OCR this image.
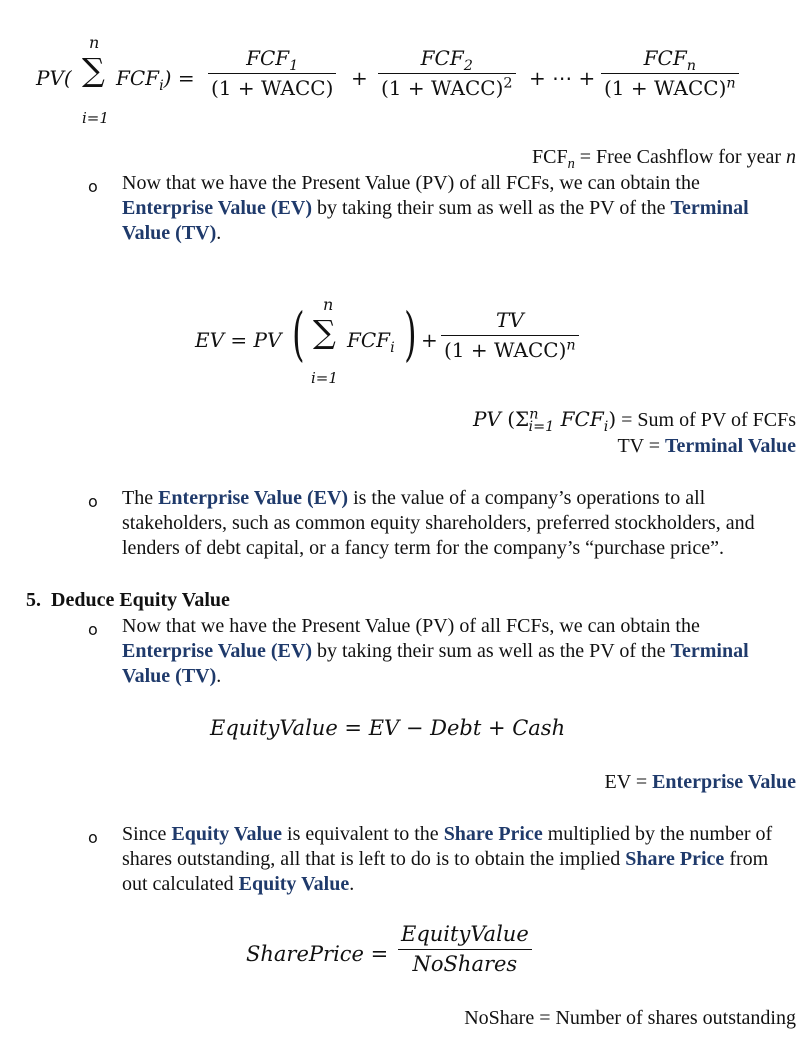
PV( ∑
n
i=1
$FCF_i$) =
$FCF_1$
(1 + WACC) +
$FCF_2$
(1 + WACC)$^2$ + ⋯ +
$FCF_n$
(1 + WACC)$^n$
$FCF_n$ = Free Cashflow for year n
o Now that we have the Present Value (PV) of all FCFs, we can obtain the Enterprise Value (EV) by taking their sum as well as the PV of the Terminal Value (TV).
EV = PV ( n
∑
i=1
$FCF_i$ ) +
TV
(1 + WACC)$^n$
PV ($\Sigma^n_{i=1}$ $FCF_i$) = Sum of PV of FCFs
TV = Terminal Value
o The Enterprise Value (EV) is the value of a company’s operations to all stakeholders, such as common equity shareholders, preferred stockholders, and lenders of debt capital, or a fancy term for the company’s “purchase price”.
5. Deduce Equity Value
o Now that we have the Present Value (PV) of all FCFs, we can obtain the Enterprise Value (EV) by taking their sum as well as the PV of the Terminal Value (TV).
EquityValue = EV − Debt + Cash
EV = Enterprise Value
o Since Equity Value is equivalent to the Share Price multiplied by the number of shares outstanding, all that is left to do is to obtain the implied Share Price from out calculated Equity Value.
SharePrice =
EquityValue
NoShares
NoShare = Number of shares outstanding
